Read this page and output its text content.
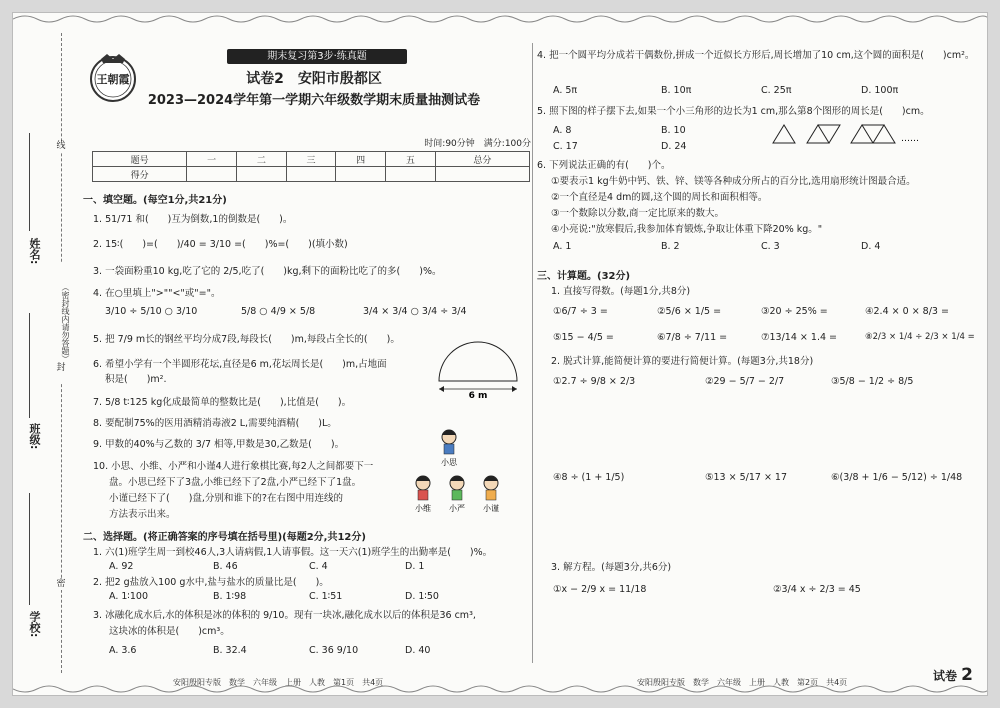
线
（密封线内请勿答题）
封
密
姓名:
班级:
学校:
王朝霞
期末复习第3步·练真题
试卷2　安阳市殷都区
2023—2024学年第一学期六年级数学期末质量抽测试卷
时间:90分钟　满分:100分
题号	一	二	三	四	五	总分
得分						
一、填空题。(每空1分,共21分)
1. 51/71 和(　　)互为倒数,1的倒数是(　　)。
2. 15∶(　　)=(　　)/40 = 3/10 =(　　)%=(　　)(填小数)
3. 一袋面粉重10 kg,吃了它的 2/5,吃了(　　)kg,剩下的面粉比吃了的多(　　)%。
4. 在○里填上">""<"或"="。
3/10 ÷ 5/10 ○ 3/10	5/8 ○ 4/9 × 5/8	3/4 × 3/4 ○ 3/4 ÷ 3/4
5. 把 7/9 m长的钢丝平均分成7段,每段长(　　)m,每段占全长的(　　)。
6. 希望小学有一个半圆形花坛,直径是6 m,花坛周长是(　　)m,占地面
积是(　　)m².
6 m
7. 5/8 t∶125 kg化成最简单的整数比是(　　),比值是(　　)。
8. 要配制75%的医用酒精消毒液2 L,需要纯酒精(　　)L。
9. 甲数的40%与乙数的 3/7 相等,甲数是30,乙数是(　　)。
10. 小思、小维、小严和小谨4人进行象棋比赛,每2人之间都要下一
盘。小思已经下了3盘,小维已经下了2盘,小严已经下了1盘。
小谨已经下了(　　)盘,分别和谁下的?在右图中用连线的
方法表示出来。
小思
小维 小严 小谨
二、选择题。(将正确答案的序号填在括号里)(每题2分,共12分)
1. 六(1)班学生周一到校46人,3人请病假,1人请事假。这一天六(1)班学生的出勤率是(　　)%。
A. 92	B. 46	C. 4	D. 1
2. 把2 g盐放入100 g水中,盐与盐水的质量比是(　　)。
A. 1∶100	B. 1∶98	C. 1∶51	D. 1∶50
3. 冰融化成水后,水的体积是冰的体积的 9/10。现有一块冰,融化成水以后的体积是36 cm³,
这块冰的体积是(　　)cm³。
A. 3.6	B. 32.4	C. 36 9/10	D. 40
安阳殷阳专版　数学　六年级　上册　人教　第1页　共4页
4. 把一个圆平均分成若干偶数份,拼成一个近似长方形后,周长增加了10 cm,这个圆的面积是(　　)cm²。
A. 5π	B. 10π	C. 25π	D. 100π
5. 照下图的样子摆下去,如果一个小三角形的边长为1 cm,那么第8个图形的周长是(　　)cm。
A. 8	B. 10
C. 17	D. 24
……
6. 下列说法正确的有(　　)个。
①要表示1 kg牛奶中钙、铁、锌、镁等各种成分所占的百分比,选用扇形统计图最合适。
②一个直径是4 dm的圆,这个圆的周长和面积相等。
③一个数除以分数,商一定比原来的数大。
④小亮说:"放寒假后,我参加体育锻炼,争取让体重下降20% kg。"
A. 1	B. 2	C. 3	D. 4
三、计算题。(32分)
1. 直接写得数。(每题1分,共8分)
①6/7 ÷ 3 =	②5/6 × 1/5 =	③20 ÷ 25% =	④2.4 × 0 × 8/3 =
⑤15 − 4/5 =	⑥7/8 ÷ 7/11 =	⑦13/14 × 1.4 =	⑧2/3 × 1/4 ÷ 2/3 × 1/4 =
2. 脱式计算,能简便计算的要进行简便计算。(每题3分,共18分)
①2.7 ÷ 9/8 × 2/3	②29 − 5/7 − 2/7	③5/8 − 1/2 ÷ 8/5
④8 ÷ (1 + 1/5)	⑤13 × 5/17 × 17	⑥(3/8 + 1/6 − 5/12) ÷ 1/48
3. 解方程。(每题3分,共6分)
①x − 2/9 x = 11/18	②3/4 x ÷ 2/3 = 45
安阳殷阳专版　数学　六年级　上册　人教　第2页　共4页	试卷 2
